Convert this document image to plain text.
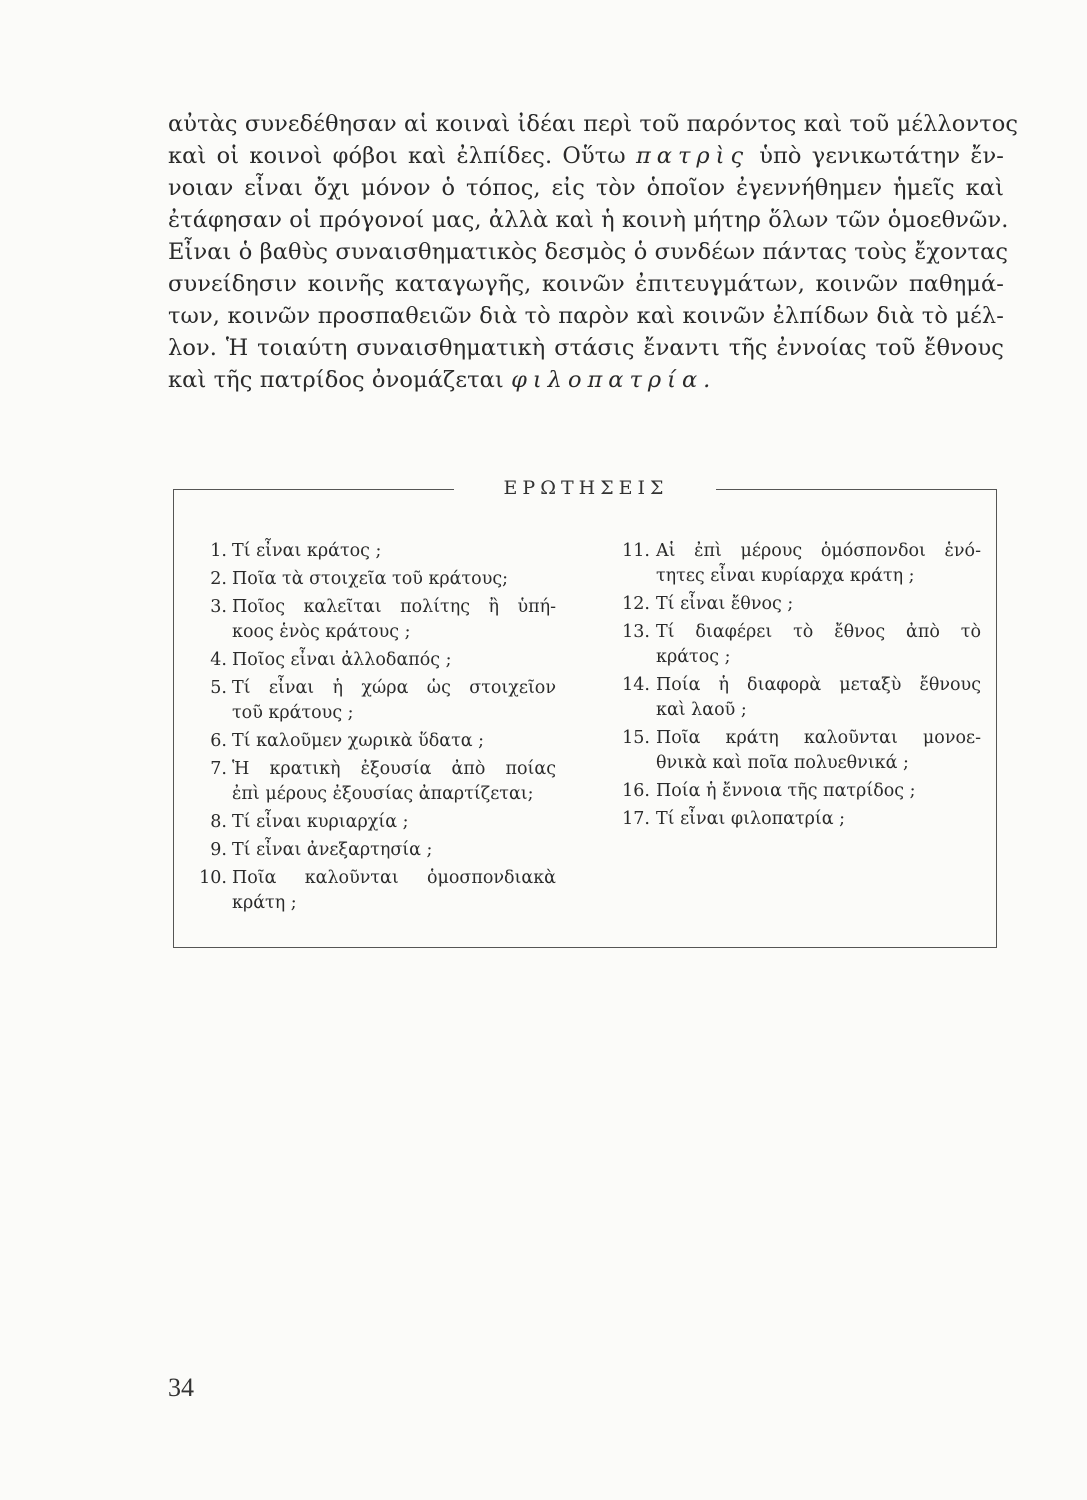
αὐτὰς συνεδέθησαν αἱ κοιναὶ ἰδέαι περὶ τοῦ παρόντος καὶ τοῦ μέλλοντος
καὶ οἱ κοινοὶ φόβοι καὶ ἐλπίδες. Οὕτω πατρὶς ὑπὸ γενικωτάτην ἔν-
νοιαν εἶναι ὄχι μόνον ὁ τόπος, εἰς τὸν ὁποῖον ἐγεννήθημεν ἡμεῖς καὶ
ἐτάφησαν οἱ πρόγονοί μας, ἀλλὰ καὶ ἡ κοινὴ μήτηρ ὅλων τῶν ὁμοεθνῶν.
Εἶναι ὁ βαθὺς συναισθηματικὸς δεσμὸς ὁ συνδέων πάντας τοὺς ἔχοντας
συνείδησιν κοινῆς καταγωγῆς, κοινῶν ἐπιτευγμάτων, κοινῶν παθημά-
των, κοινῶν προσπαθειῶν διὰ τὸ παρὸν καὶ κοινῶν ἐλπίδων διὰ τὸ μέλ-
λον. Ἡ τοιαύτη συναισθηματικὴ στάσις ἔναντι τῆς ἐννοίας τοῦ ἔθνους
καὶ τῆς πατρίδος ὀνομάζεται φιλοπατρία.
ΕΡΩΤΗΣΕΙΣ
1. Τί εἶναι κράτος ;
2. Ποῖα τὰ στοιχεῖα τοῦ κράτους;
3. Ποῖος καλεῖται πολίτης ἢ ὑπή-
κοος ἑνὸς κράτους ;
4. Ποῖος εἶναι ἀλλοδαπός ;
5. Τί εἶναι ἡ χώρα ὡς στοιχεῖον
τοῦ κράτους ;
6. Τί καλοῦμεν χωρικὰ ὕδατα ;
7. Ἡ κρατικὴ ἐξουσία ἀπὸ ποίας
ἐπὶ μέρους ἐξουσίας ἀπαρτίζεται;
8. Τί εἶναι κυριαρχία ;
9. Τί εἶναι ἀνεξαρτησία ;
10. Ποῖα καλοῦνται ὁμοσπονδιακὰ
κράτη ;
11. Αἱ ἐπὶ μέρους ὁμόσπονδοι ἑνό-
τητες εἶναι κυρίαρχα κράτη ;
12. Τί εἶναι ἔθνος ;
13. Τί διαφέρει τὸ ἔθνος ἀπὸ τὸ
κράτος ;
14. Ποία ἡ διαφορὰ μεταξὺ ἔθνους
καὶ λαοῦ ;
15. Ποῖα κράτη καλοῦνται μονοε-
θνικὰ καὶ ποῖα πολυεθνικά ;
16. Ποία ἡ ἔννοια τῆς πατρίδος ;
17. Τί εἶναι φιλοπατρία ;
34
